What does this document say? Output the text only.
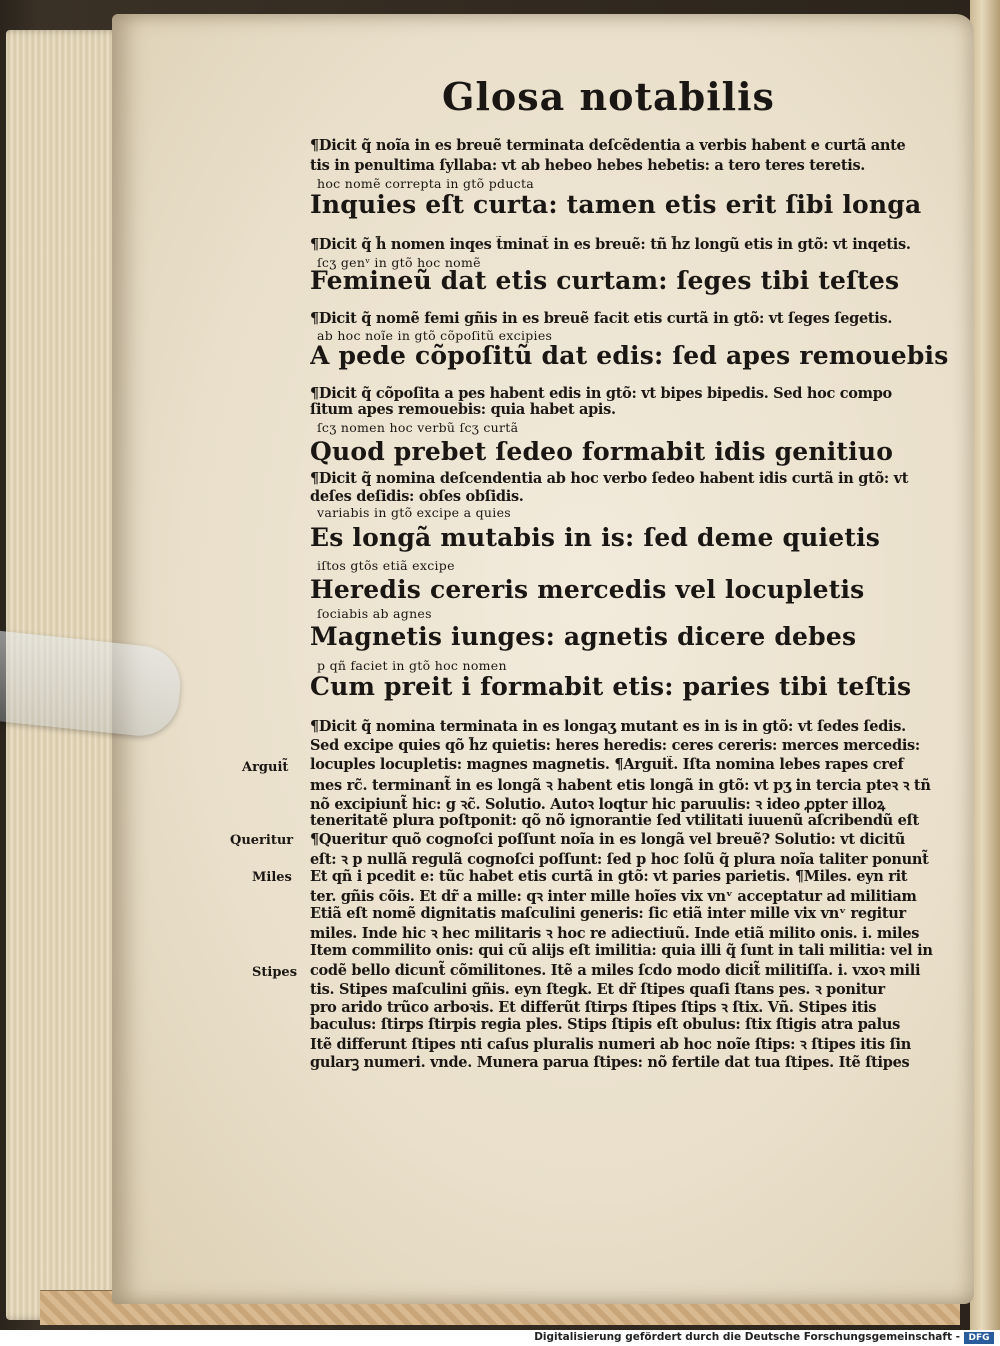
Glosa notabilis
¶Dicit q̃ noĩa in es breuẽ terminata deſcẽdentia a verbis habent e curtã ante
tis in penultima ſyllaba: vt ab hebeo hebes hebetis: a tero teres teretis.
hoc nomẽ correpta in gtõ pducta
Inquies eſt curta: tamen etis erit ſibi longa
¶Dicit q̃ h̃ nomen inqes t̃minat̃ in es breuẽ: tñ h̃z longũ etis in gtõ: vt inqetis.
ſcʒ genᵛ in gtõ hoc nomẽ
Femineũ dat etis curtam: ſeges tibi teſtes
¶Dicit q̃ nomẽ femi gñis in es breuẽ facit etis curtã in gtõ: vt ſeges ſegetis.
ab hoc noĩe in gtõ cõpoſitũ excipies
A pede cõpoſitũ dat edis: ſed apes remouebis
¶Dicit q̃ cõpoſita a pes habent edis in gtõ: vt bipes bipedis. Sed hoc compo
ſitum apes remouebis: quia habet apis.
ſcʒ nomen hoc verbũ ſcʒ curtã
Quod prebet ſedeo formabit idis genitiuo
¶Dicit q̃ nomina deſcendentia ab hoc verbo ſedeo habent idis curtã in gtõ: vt
deſes deſidis: obſes obſidis.
variabis in gtõ excipe a quies
Es longã mutabis in is: ſed deme quietis
iſtos gtõs etiã excipe
Heredis cereris mercedis vel locupletis
ſociabis ab agnes
Magnetis iunges: agnetis dicere debes
p qñ faciet in gtõ hoc nomen
Cum preit i formabit etis: paries tibi teſtis
¶Dicit q̃ nomina terminata in es longaʒ mutant es in is in gtõ: vt ſedes ſedis.
Sed excipe quies qõ h̃z quietis: heres heredis: ceres cereris: merces mercedis:
locuples locupletis: magnes magnetis. ¶Arguit̃. Iſta nomina lebes rapes cref
mes rc̃. terminant̃ in es longã ꝛ habent etis longã in gtõ: vt pʒ in tercia pteꝛ ꝛ tñ
nõ excipiunt̃ hic: g ꝛc̃. Solutio. Autoꝛ loqtur hic paruulis: ꝛ ideo ꝓpter illoꝝ
teneritatẽ plura poſtponit: qõ nõ ignorantie ſed vtilitati iuuenũ aſcribendũ eſt
¶Queritur quõ cognoſci poſſunt noĩa in es longã vel breuẽ? Solutio: vt dicitũ
eſt: ꝛ p nullã regulã cognoſci poſſunt: ſed p hoc ſolũ q̃ plura noĩa taliter ponunt̃
Et qñ i pcedit e: tũc habet etis curtã in gtõ: vt paries parietis. ¶Miles. eyn rit
ter. gñis cõis. Et dr̃ a mille: qꝛ inter mille hoĩes vix vnᵛ acceptatur ad militiam
Etiã eſt nomẽ dignitatis maſculini generis: ſic etiã inter mille vix vnᵛ regitur
miles. Inde hic ꝛ hec militaris ꝛ hoc re adiectiuũ. Inde etiã milito onis. i. miles
Item commilito onis: qui cũ alijs eſt imilitia: quia illi q̃ ſunt in tali militia: vel in
codẽ bello dicunt̃ cõmilitones. Itẽ a miles ſcdo modo dicit̃ militiſſa. i. vxoꝛ mili
tis. Stipes maſculini gñis. eyn ſtegk. Et dr̃ ſtipes quaſi ſtans pes. ꝛ ponitur
pro arido trũco arboꝛis. Et differũt ſtirps ſtipes ſtips ꝛ ſtix. Vñ. Stipes itis
baculus: ſtirps ſtirpis regia ples. Stips ſtipis eſt obulus: ſtix ſtigis atra palus
Itẽ differunt ſtipes nti caſus pluralis numeri ab hoc noĩe ſtips: ꝛ ſtipes itis ſin
gularꝫ numeri. vnde. Munera parua ſtipes: nõ fertile dat tua ſtipes. Itẽ ſtipes
Arguit̃
Queritur
Miles
Stipes
Digitalisierung gefördert durch die Deutsche Forschungsgemeinschaft - DFG
